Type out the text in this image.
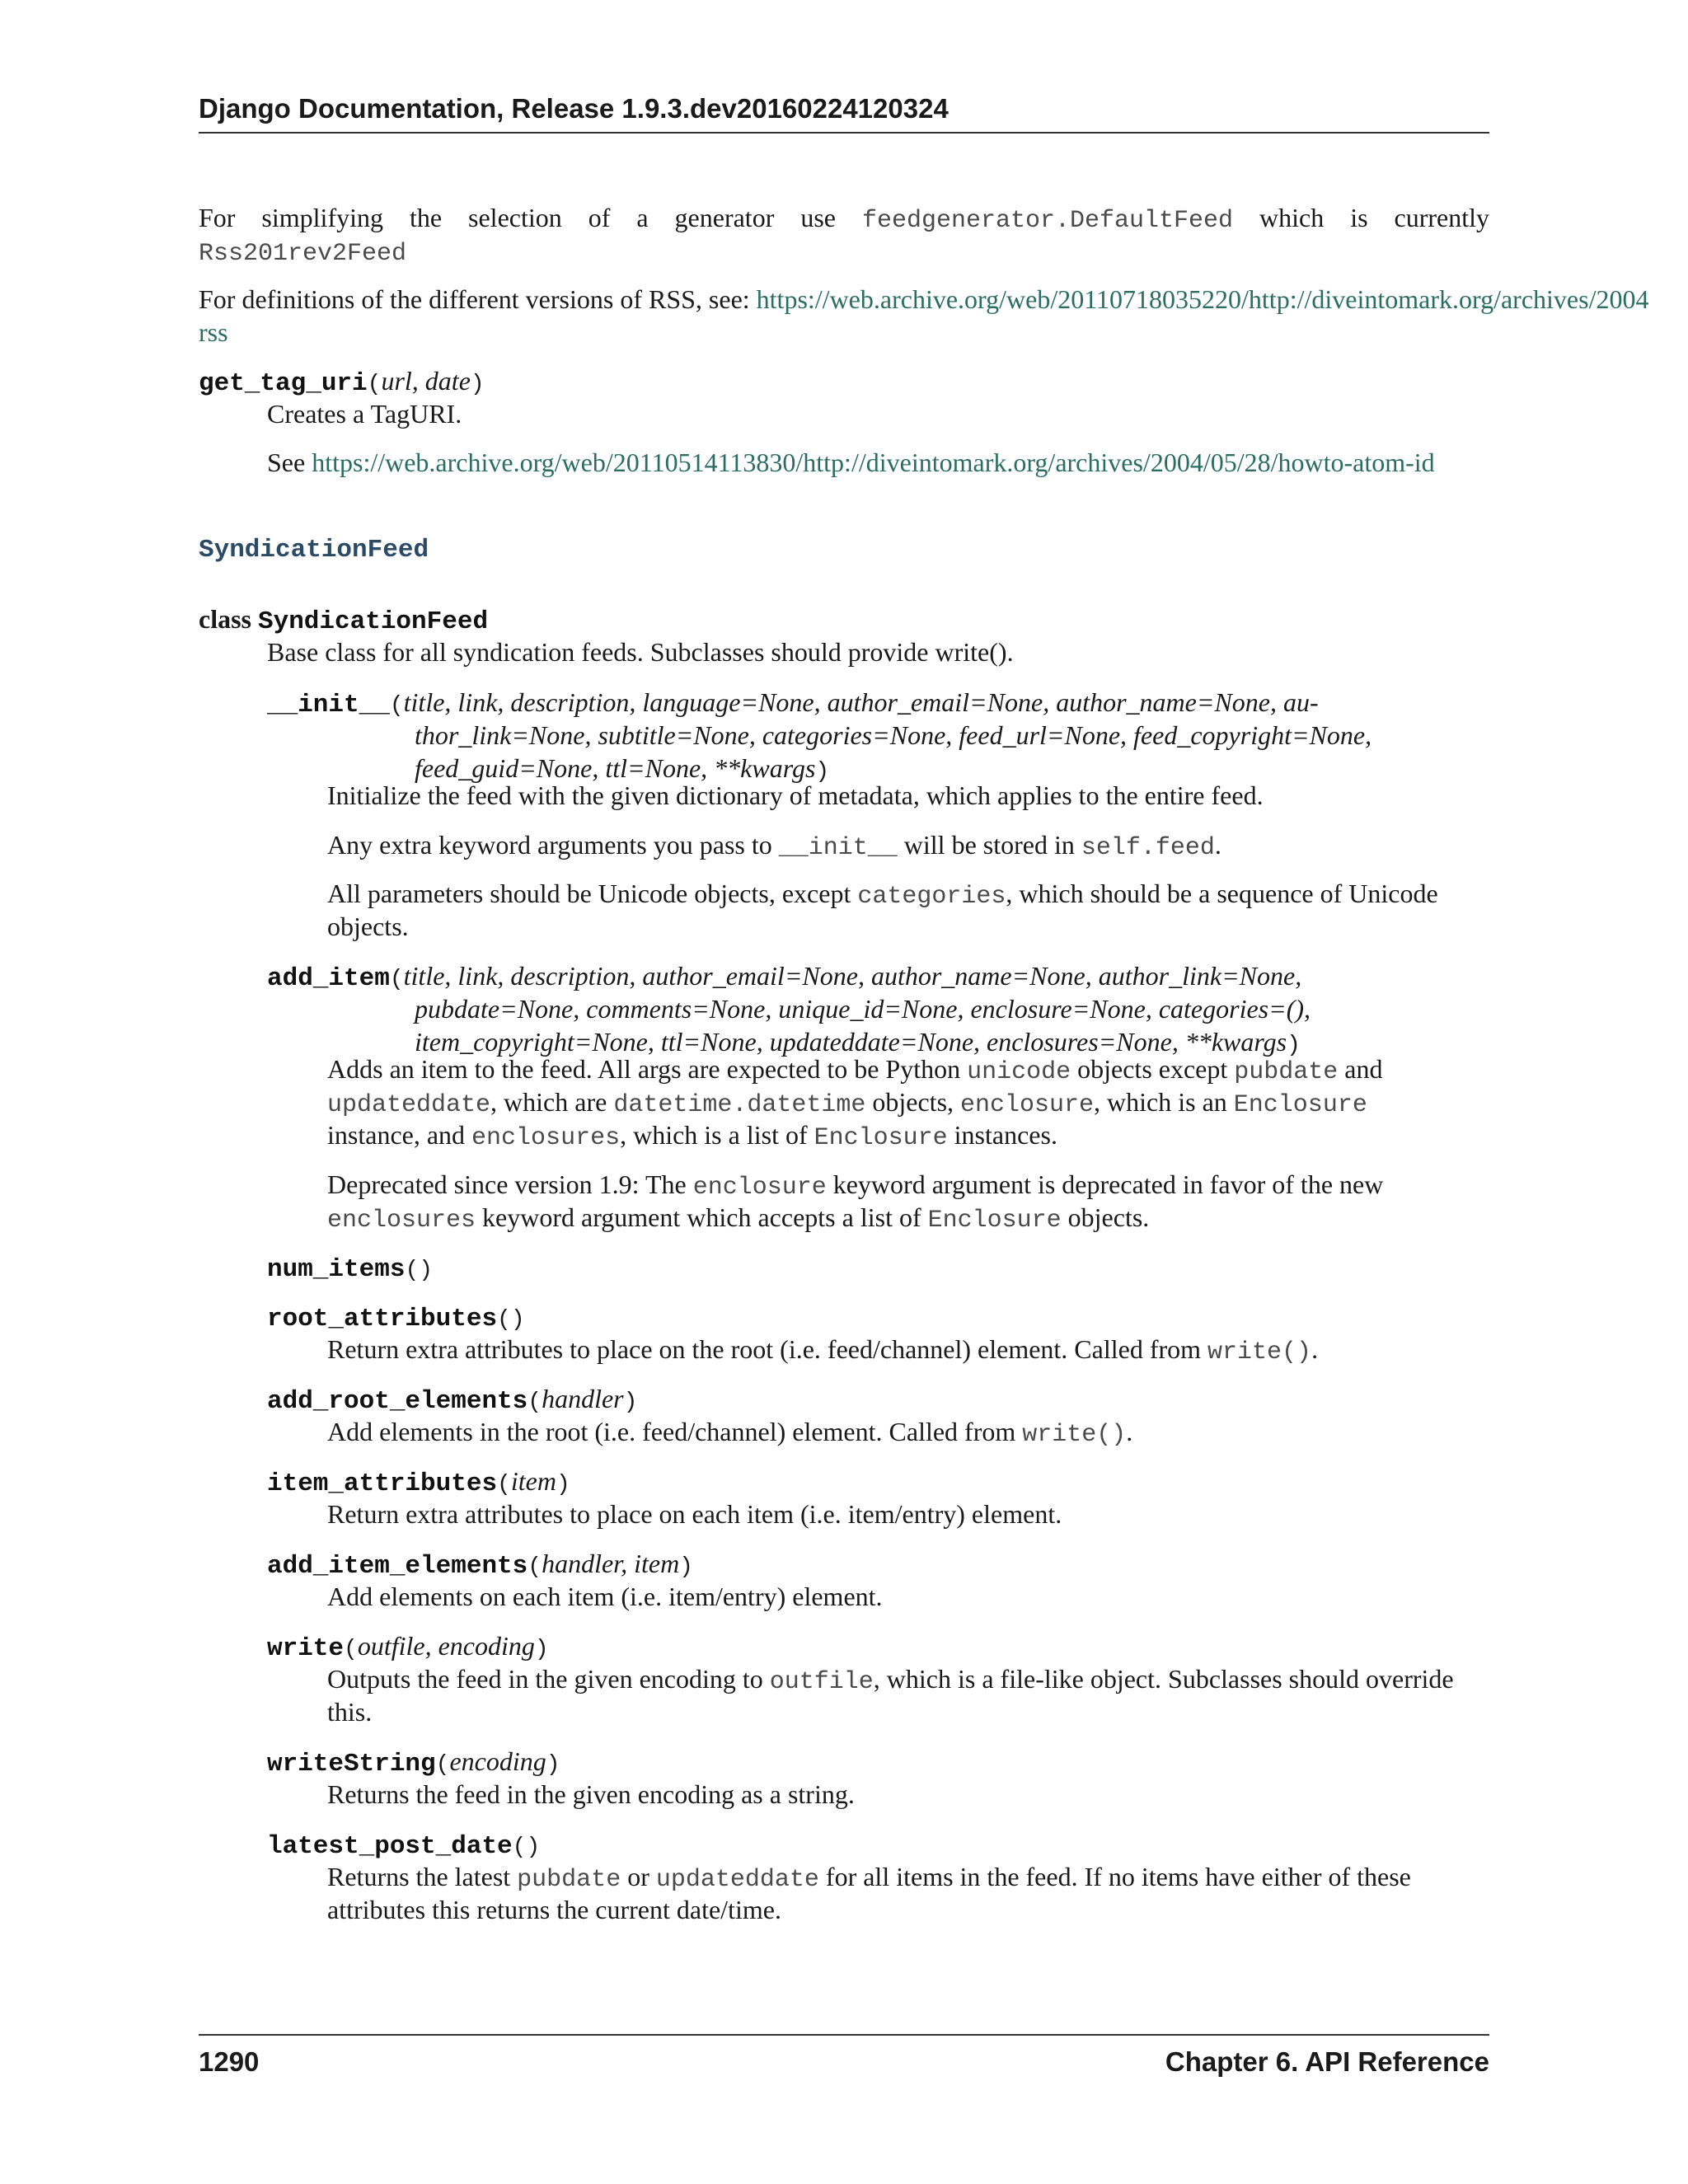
Django Documentation, Release 1.9.3.dev20160224120324
For simplifying the selection of a generator use feedgenerator.DefaultFeed which is currently
Rss201rev2Feed
For definitions of the different versions of RSS, see: https://web.archive.org/web/20110718035220/http://diveintomark.org/archives/2004
rss
get_tag_uri(url, date)
Creates a TagURI.
See https://web.archive.org/web/20110514113830/http://diveintomark.org/archives/2004/05/28/howto-atom-id
SyndicationFeed
class SyndicationFeed
Base class for all syndication feeds. Subclasses should provide write().
__init__(title, link, description, language=None, author_email=None, author_name=None, au-
thor_link=None, subtitle=None, categories=None, feed_url=None, feed_copyright=None,
feed_guid=None, ttl=None, **kwargs)
Initialize the feed with the given dictionary of metadata, which applies to the entire feed.
Any extra keyword arguments you pass to __init__ will be stored in self.feed.
All parameters should be Unicode objects, except categories, which should be a sequence of Unicode
objects.
add_item(title, link, description, author_email=None, author_name=None, author_link=None,
pubdate=None, comments=None, unique_id=None, enclosure=None, categories=(),
item_copyright=None, ttl=None, updateddate=None, enclosures=None, **kwargs)
Adds an item to the feed. All args are expected to be Python unicode objects except pubdate and
updateddate, which are datetime.datetime objects, enclosure, which is an Enclosure
instance, and enclosures, which is a list of Enclosure instances.
Deprecated since version 1.9: The enclosure keyword argument is deprecated in favor of the new
enclosures keyword argument which accepts a list of Enclosure objects.
num_items()
root_attributes()
Return extra attributes to place on the root (i.e. feed/channel) element. Called from write().
add_root_elements(handler)
Add elements in the root (i.e. feed/channel) element. Called from write().
item_attributes(item)
Return extra attributes to place on each item (i.e. item/entry) element.
add_item_elements(handler, item)
Add elements on each item (i.e. item/entry) element.
write(outfile, encoding)
Outputs the feed in the given encoding to outfile, which is a file-like object. Subclasses should override
this.
writeString(encoding)
Returns the feed in the given encoding as a string.
latest_post_date()
Returns the latest pubdate or updateddate for all items in the feed. If no items have either of these
attributes this returns the current date/time.
1290	Chapter 6. API Reference
